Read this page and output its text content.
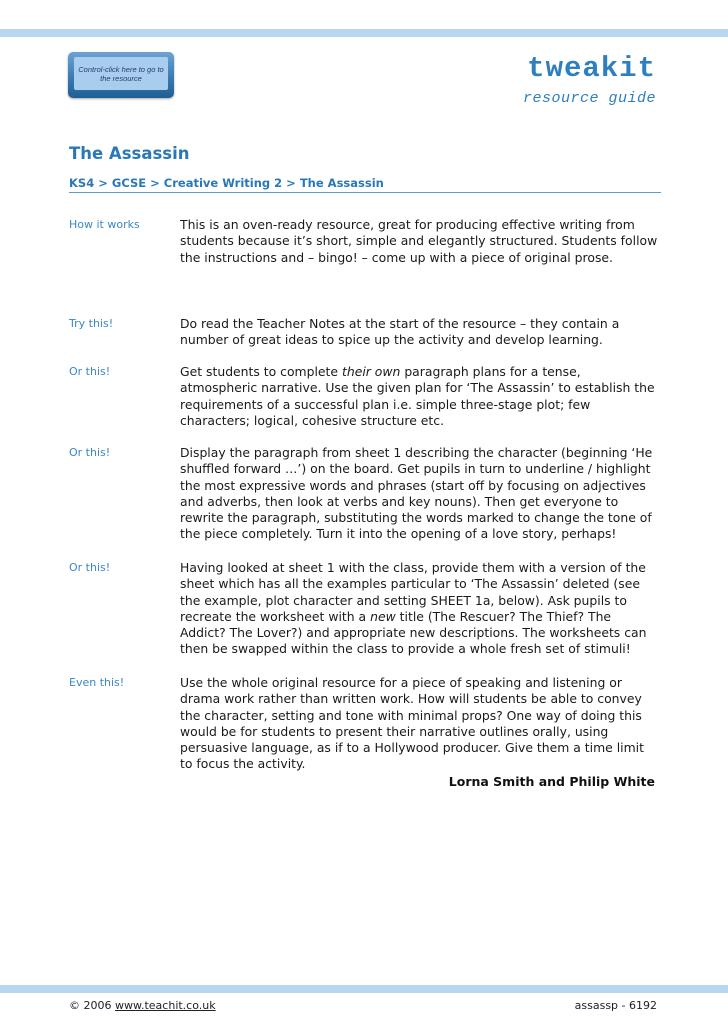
Control-click here to go to the resource	tweakit
resource guide
The Assassin
KS4 > GCSE > Creative Writing 2 > The Assassin
How it works	This is an oven-ready resource, great for producing effective writing from students because it’s short, simple and elegantly structured. Students follow the instructions and – bingo! – come up with a piece of original prose.
Try this!	Do read the Teacher Notes at the start of the resource – they contain a number of great ideas to spice up the activity and develop learning.
Or this!	Get students to complete their own paragraph plans for a tense, atmospheric narrative. Use the given plan for ‘The Assassin’ to establish the requirements of a successful plan i.e. simple three-stage plot; few characters; logical, cohesive structure etc.
Or this!	Display the paragraph from sheet 1 describing the character (beginning ‘He shuffled forward …’) on the board. Get pupils in turn to underline / highlight the most expressive words and phrases (start off by focusing on adjectives and adverbs, then look at verbs and key nouns). Then get everyone to rewrite the paragraph, substituting the words marked to change the tone of the piece completely. Turn it into the opening of a love story, perhaps!
Or this!	Having looked at sheet 1 with the class, provide them with a version of the sheet which has all the examples particular to ‘The Assassin’ deleted (see the example, plot character and setting SHEET 1a, below). Ask pupils to recreate the worksheet with a new title (The Rescuer? The Thief? The Addict? The Lover?) and appropriate new descriptions. The worksheets can then be swapped within the class to provide a whole fresh set of stimuli!
Even this!	Use the whole original resource for a piece of speaking and listening or drama work rather than written work. How will students be able to convey the character, setting and tone with minimal props? One way of doing this would be for students to present their narrative outlines orally, using persuasive language, as if to a Hollywood producer. Give them a time limit to focus the activity.
Lorna Smith and Philip White
© 2006 www.teachit.co.uk	assassp - 6192
